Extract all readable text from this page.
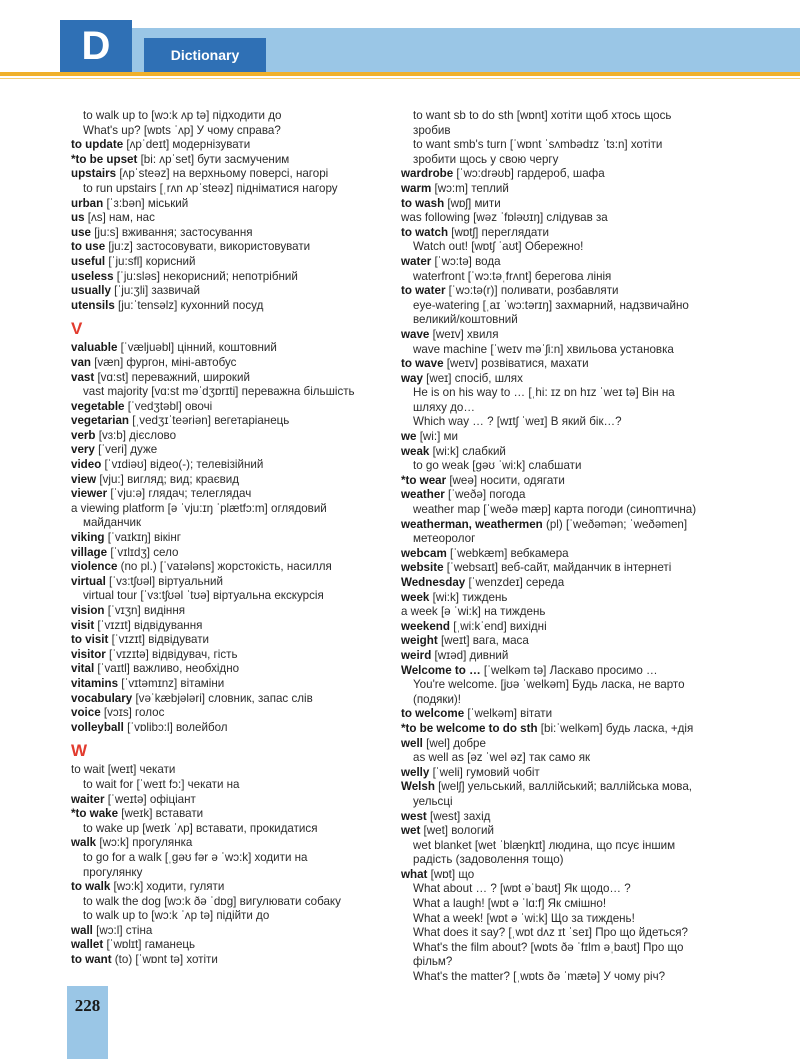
D	Dictionary
to walk up to [wɔ:k ʌp tə] підходити до
What's up? [wɒts ˈʌp] У чому справа?
to update [ʌpˈdeɪt] модернізувати
*to be upset [bi: ʌpˈset] бути засмученим
upstairs [ʌpˈsteəz] на верхньому поверсі, нагорі
to run upstairs [ˌrʌn ʌpˈsteəz] підніматися нагору
urban [ˈɜ:bən] міський
us [ʌs] нам, нас
use [ju:s] вживання; застосування
to use [ju:z] застосовувати, використовувати
useful [ˈju:sfl] корисний
useless [ˈju:sləs] некорисний; непотрібний
usually [ˈju:ʒli] зазвичай
utensils [ju:ˈtensəlz] кухонний посуд
V
valuable [ˈvæljuəbl] цінний, коштовний
van [væn] фургон, міні-автобус
vast [vɑ:st] переважний, широкий
vast majority [vɑ:st məˈdʒɒrɪti] переважна більшість
vegetable [ˈvedʒtəbl] овочі
vegetarian [ˌvedʒɪˈteəriən] вегетаріанець
verb [vɜ:b] дієслово
very [ˈveri] дуже
video [ˈvɪdiəʊ] відео(-); телевізійний
view [vju:] вигляд; вид; краєвид
viewer [ˈvju:ə] глядач; телеглядач
a viewing platform [ə ˈvju:ɪŋ ˈplætfɔ:m] оглядовий
майданчик
viking [ˈvaɪkɪŋ] вікінг
village [ˈvɪlɪdʒ] село
violence (no pl.) [ˈvaɪələns] жорстокість, насилля
virtual [ˈvɜ:tʃʊəl] віртуальний
virtual tour [ˈvɜ:tʃʊəl ˈtʊə] віртуальна екскурсія
vision [ˈvɪʒn] видіння
visit [ˈvɪzɪt] відвідування
to visit [ˈvɪzɪt] відвідувати
visitor [ˈvɪzɪtə] відвідувач, гість
vital [ˈvaɪtl] важливо, необхідно
vitamins [ˈvɪtəmɪnz] вітаміни
vocabulary [vəˈkæbjələri] словник, запас слів
voice [vɔɪs] голос
volleyball [ˈvɒlibɔ:l] волейбол
W
to wait [weɪt] чекати
to wait for [ˈweɪt fɔ:] чекати на
waiter [ˈweɪtə] офіціант
*to wake [weɪk] вставати
to wake up [weɪk ˈʌp] вставати, прокидатися
walk [wɔ:k] прогулянка
to go for a walk [ˌgəʊ fər ə ˈwɔ:k] ходити на
прогулянку
to walk [wɔ:k] ходити, гуляти
to walk the dog [wɔ:k ðə ˈdɒg] вигулювати собаку
to walk up to [wɔ:k ˈʌp tə] підійти до
wall [wɔ:l] стіна
wallet [ˈwɒlɪt] гаманець
to want (to) [ˈwɒnt tə] хотіти
to want sb to do sth [wɒnt] хотіти щоб хтось щось
зробив
to want smb's turn [ˈwɒnt ˈsʌmbədɪz ˈtɜ:n] хотіти
зробити щось у свою чергу
wardrobe [ˈwɔ:drəʊb] гардероб, шафа
warm [wɔ:m] теплий
to wash [wɒʃ] мити
was following [wəz ˈfɒləʊɪŋ] слідував за
to watch [wɒtʃ] переглядати
Watch out! [wɒtʃ ˈaʊt] Обережно!
water [ˈwɔ:tə] вода
waterfront [ˈwɔ:təˌfrʌnt] берегова лінія
to water [ˈwɔ:tə(r)] поливати, розбавляти
eye-watering [ˌaɪ ˈwɔ:tərɪŋ] захмарний, надзвичайно
великий/коштовний
wave [weɪv] хвиля
wave machine [ˈweɪv məˈʃi:n] хвильова установка
to wave [weɪv] розвіватися, махати
way [weɪ] спосіб, шлях
He is on his way to … [ˌhi: ɪz ɒn hɪz ˈweɪ tə] Він на
шляху до…
Which way … ? [wɪtʃ ˈweɪ] В який бік…?
we [wi:] ми
weak [wi:k] слабкий
to go weak [gəʊ ˈwi:k] слабшати
*to wear [weə] носити, одягати
weather [ˈweðə] погода
weather map [ˈweðə mæp] карта погоди (синоптична)
weatherman, weathermen (pl) [ˈweðəmən; ˈweðəmen]
метеоролог
webcam [ˈwebkæm] вебкамера
website [ˈwebsaɪt] веб-сайт, майданчик в інтернеті
Wednesday [ˈwenzdeɪ] середа
week [wi:k] тиждень
a week [ə ˈwi:k] на тиждень
weekend [ˌwi:kˈend] вихідні
weight [weɪt] вага, маса
weird [wɪəd] дивний
Welcome to … [ˈwelkəm tə] Ласкаво просимо …
You're welcome. [jʊə ˈwelkəm] Будь ласка, не варто
(подяки)!
to welcome [ˈwelkəm] вітати
*to be welcome to do sth [bi:ˈwelkəm] будь ласка, +дія
well [wel] добре
as well as [əz ˈwel əz] так само як
welly [ˈweli] гумовий чобіт
Welsh [welʃ] уельський, валлійський; валлійська мова,
уельсці
west [west] захід
wet [wet] вологий
wet blanket [wet ˈblæŋkɪt] людина, що псує іншим
радість (задоволення тощо)
what [wɒt] що
What about … ? [wɒt əˈbaʊt] Як щодо… ?
What a laugh! [wɒt ə ˈlɑ:f] Як смішно!
What a week! [wɒt ə ˈwi:k] Що за тиждень!
What does it say? [ˌwɒt dʌz ɪt ˈseɪ] Про що йдеться?
What's the film about? [wɒts ðə ˈfɪlm əˌbaʊt] Про що
фільм?
What's the matter? [ˌwɒts ðə ˈmætə] У чому річ?
228
